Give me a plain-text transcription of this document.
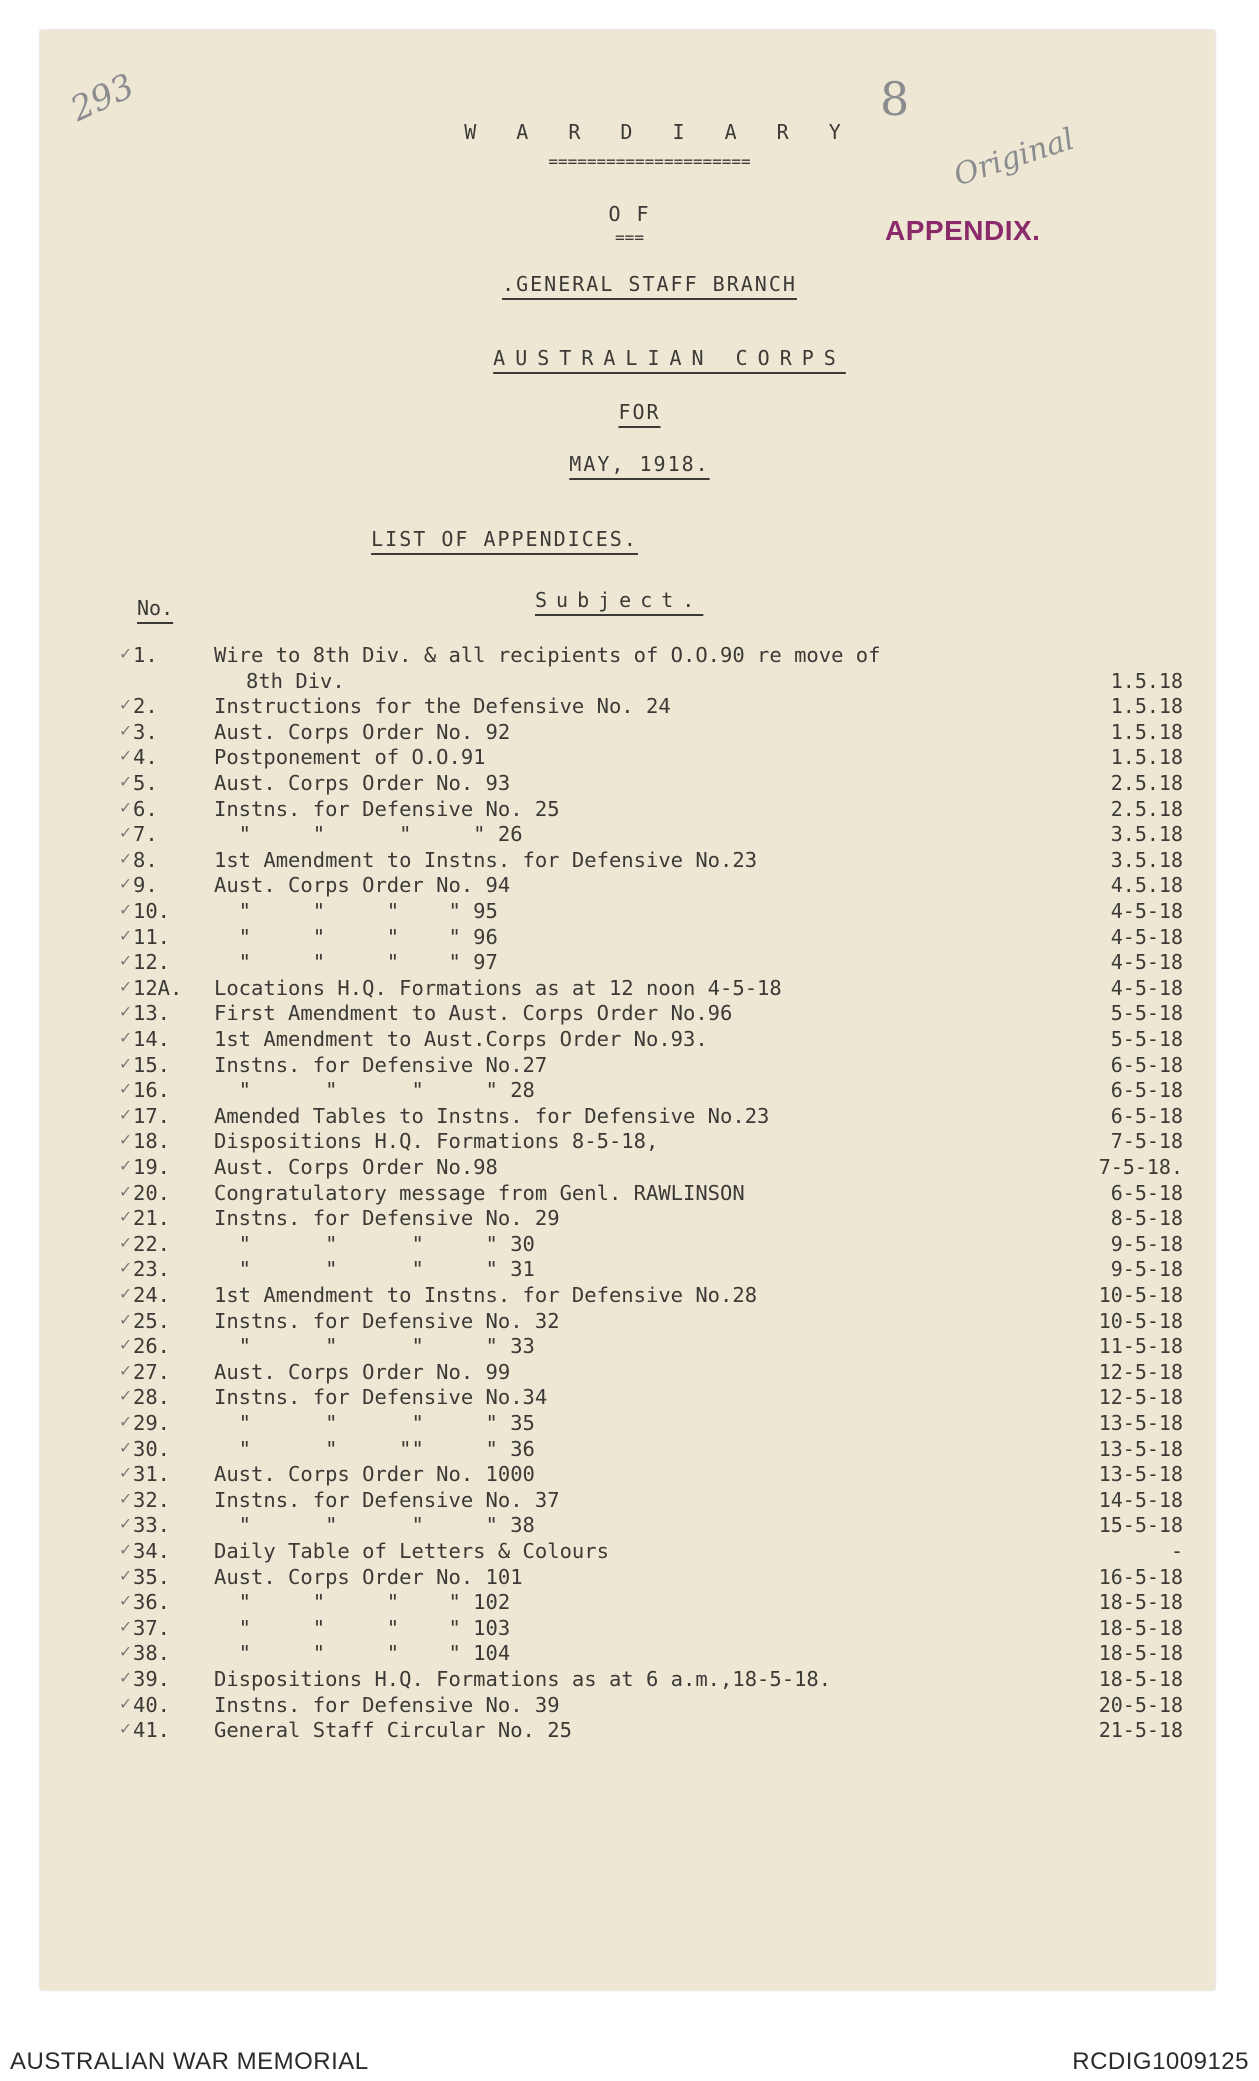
293	8
Original
APPENDIX.
W A R D I A R Y
=====================
O F
===
.GENERAL STAFF BRANCH
AUSTRALIAN CORPS
FOR
MAY, 1918.
LIST OF APPENDICES.
No.	Subject.
✓ 1.	Wire to 8th Div. & all recipients of O.O.90 re move of
8th Div.	1.5.18
✓ 2.	Instructions for the Defensive No. 24	1.5.18
✓ 3.	Aust. Corps Order No. 92	1.5.18
✓ 4.	Postponement of O.O.91	1.5.18
✓ 5.	Aust. Corps Order No. 93	2.5.18
✓ 6.	Instns. for Defensive No. 25	2.5.18
✓ 7.	"     "      "     " 26	3.5.18
✓ 8.	1st Amendment to Instns. for Defensive No.23	3.5.18
✓ 9.	Aust. Corps Order No. 94	4.5.18
✓ 10.	"     "     "    " 95	4-5-18
✓ 11.	"     "     "    " 96	4-5-18
✓ 12.	"     "     "    " 97	4-5-18
✓ 12A.	Locations H.Q. Formations as at 12 noon 4-5-18	4-5-18
✓ 13.	First Amendment to Aust. Corps Order No.96	5-5-18
✓ 14.	1st Amendment to Aust.Corps Order No.93.	5-5-18
✓ 15.	Instns. for Defensive No.27	6-5-18
✓ 16.	"      "      "     " 28	6-5-18
✓ 17.	Amended Tables to Instns. for Defensive No.23	6-5-18
✓ 18.	Dispositions H.Q. Formations 8-5-18,	7-5-18
✓ 19.	Aust. Corps Order No.98	7-5-18.
✓ 20.	Congratulatory message from Genl. RAWLINSON	6-5-18
✓ 21.	Instns. for Defensive No. 29	8-5-18
✓ 22.	"      "      "     " 30	9-5-18
✓ 23.	"      "      "     " 31	9-5-18
✓ 24.	1st Amendment to Instns. for Defensive No.28	10-5-18
✓ 25.	Instns. for Defensive No. 32	10-5-18
✓ 26.	"      "      "     " 33	11-5-18
✓ 27.	Aust. Corps Order No. 99	12-5-18
✓ 28.	Instns. for Defensive No.34	12-5-18
✓ 29.	"      "      "     " 35	13-5-18
✓ 30.	"      "     ""     " 36	13-5-18
✓ 31.	Aust. Corps Order No. 1000	13-5-18
✓ 32.	Instns. for Defensive No. 37	14-5-18
✓ 33.	"      "      "     " 38	15-5-18
✓ 34.	Daily Table of Letters & Colours	-
✓ 35.	Aust. Corps Order No. 101	16-5-18
✓ 36.	"     "     "    " 102	18-5-18
✓ 37.	"     "     "    " 103	18-5-18
✓ 38.	"     "     "    " 104	18-5-18
✓ 39.	Dispositions H.Q. Formations as at 6 a.m.,18-5-18.	18-5-18
✓ 40.	Instns. for Defensive No. 39	20-5-18
✓ 41.	General Staff Circular No. 25	21-5-18
AUSTRALIAN WAR MEMORIAL	RCDIG1009125
